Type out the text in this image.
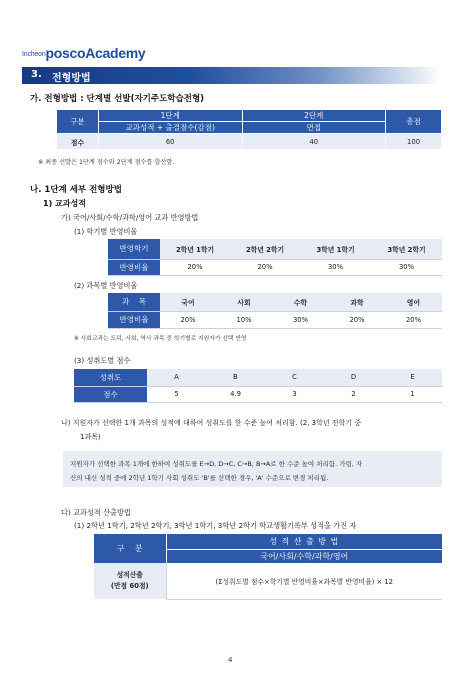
IncheonposcoAcademy
3. 전형방법
가. 전형방법 : 단계별 선발(자기주도학습전형)
구분	1단계	2단계	총점
	교과성적 + 출결점수(감점)	면접	
점수	60	40	100
※ 최종 선발은 1단계 점수와 2단계 점수를 합산함.
나. 1단계 세부 전형방법
1) 교과성적
가) 국어/사회/수학/과학/영어 교과 반영방법
(1) 학기별 반영비율
반영학기	2학년 1학기	2학년 2학기	3학년 1학기	3학년 2학기
반영비율	20%	20%	30%	30%
(2) 과목별 반영비율
과    목	국어	사회	수학	과학	영어
반영비율	20%	10%	30%	20%	20%
※ 사회교과는 도덕, 사회, 역사 과목 중 학기별로 지원자가 선택 반영
(3) 성취도별 점수
성취도	A	B	C	D	E
점수	5	4.9	3	2	1
나) 지원자가 선택한 1개 과목의 성적에 대하여 성취도를 한 수준 높여 처리함. (2, 3학년 전학기 중
1과목)
지원자가 선택한 과목 1개에 한하여 성취도를 E→D, D→C, C→B, B→A로 한 수준 높여 처리함. 가령, 자
신의 내신 성적 중에 2학년 1학기 사회 성취도 'B'를 선택한 경우, 'A' 수준으로 변경 처리됨.
다) 교과성적 산출방법
(1) 2학년 1학기, 2학년 2학기, 3학년 1학기, 3학년 2학기 학교생활기록부 성적을 가진 자
구    분	성 적 산 출 방 법
	국어/사회/수학/과학/영어

성적산출
(만점 60점)	(Σ성취도별 점수×학기별 반영비율×과목별 반영비율) × 12
4
